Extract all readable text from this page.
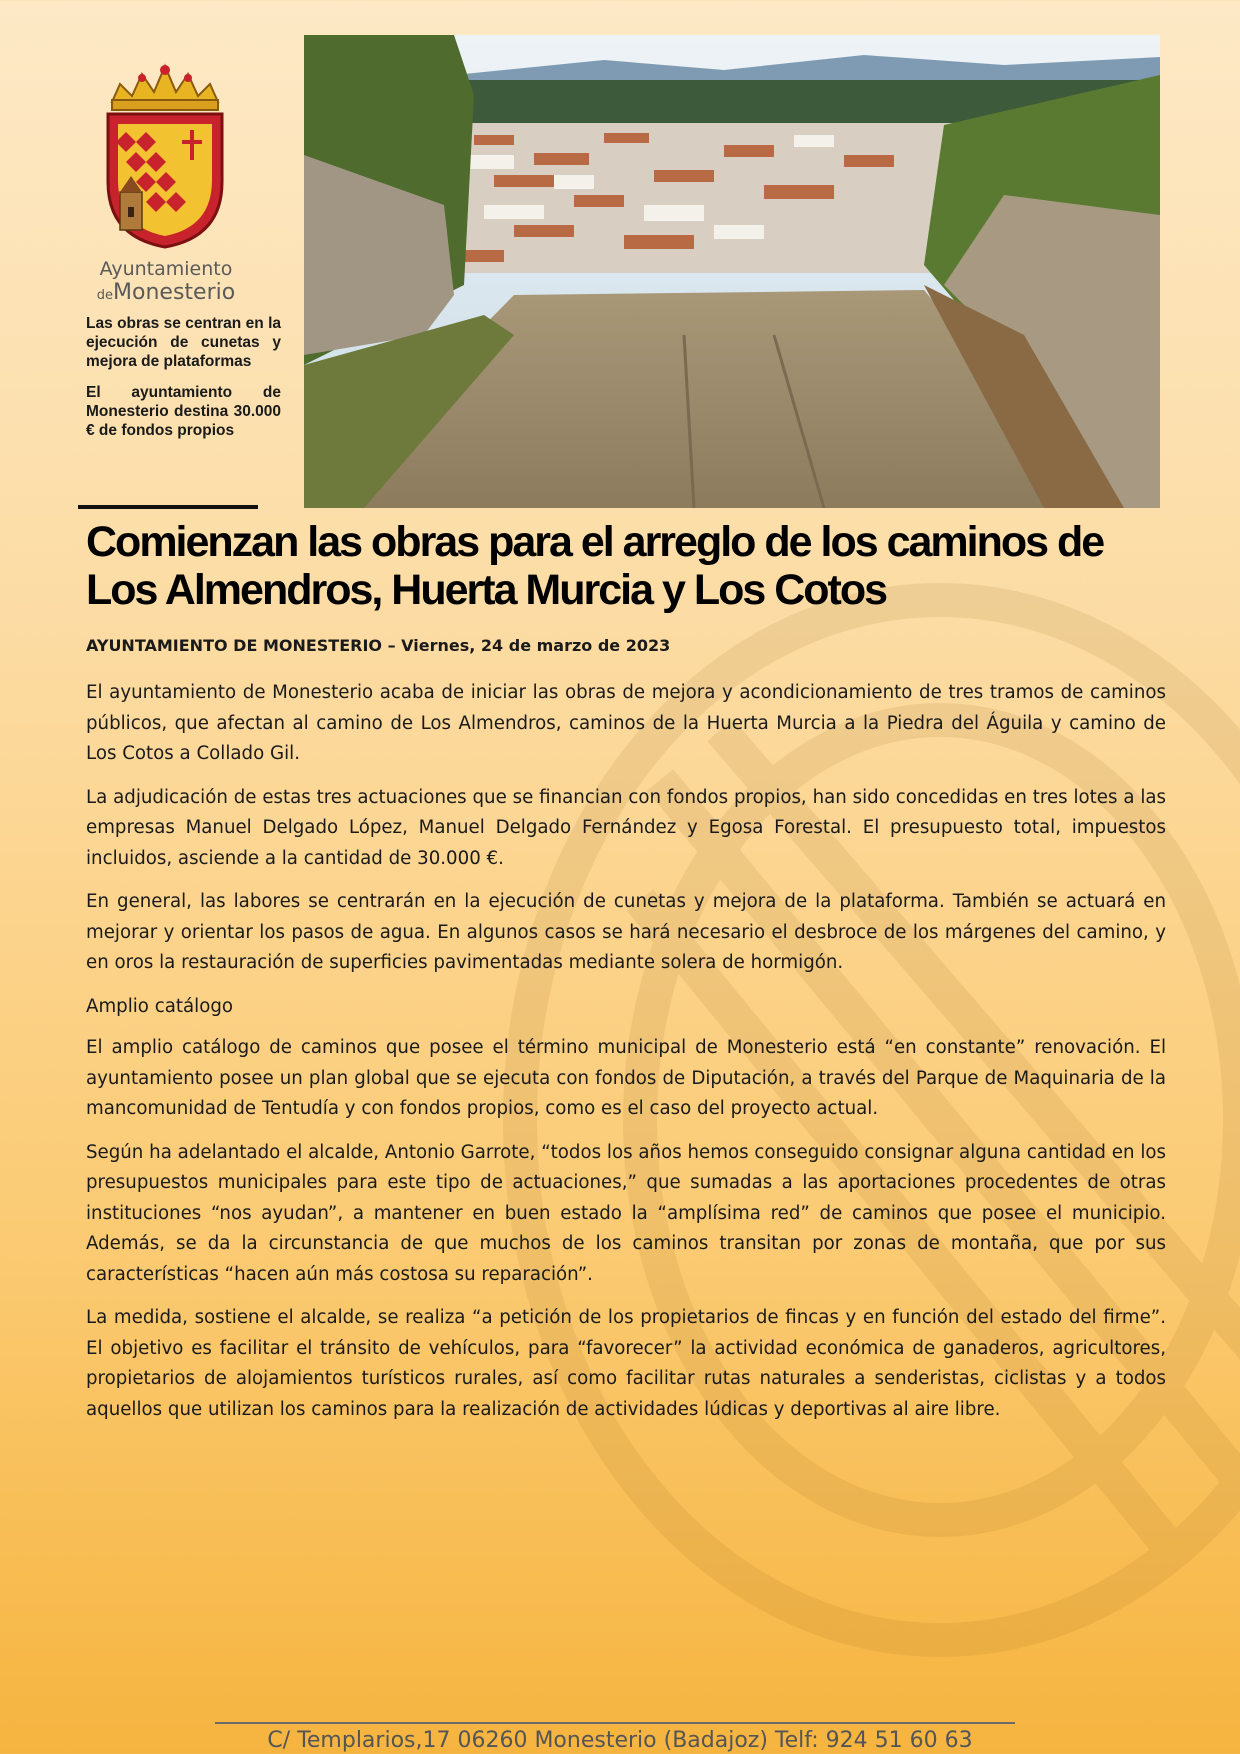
Ayuntamiento
deMonesterio

Las obras se centran en la ejecución de cunetas y mejora de plataformas

El ayuntamiento de Monesterio destina 30.000 € de fondos propios

Comienzan las obras para el arreglo de los caminos de Los Almendros, Huerta Murcia y Los Cotos
AYUNTAMIENTO DE MONESTERIO – Viernes, 24 de marzo de 2023

El ayuntamiento de Monesterio acaba de iniciar las obras de mejora y acondicionamiento de tres tramos de caminos públicos, que afectan al camino de Los Almendros, caminos de la Huerta Murcia a la Piedra del Águila y camino de Los Cotos a Collado Gil.

La adjudicación de estas tres actuaciones que se financian con fondos propios, han sido concedidas en tres lotes a las empresas Manuel Delgado López, Manuel Delgado Fernández y Egosa Forestal. El presupuesto total, impuestos incluidos, asciende a la cantidad de 30.000 €.

En general, las labores se centrarán en la ejecución de cunetas y mejora de la plataforma. También se actuará en mejorar y orientar los pasos de agua. En algunos casos se hará necesario el desbroce de los márgenes del camino, y en oros la restauración de superficies pavimentadas mediante solera de hormigón.

Amplio catálogo

El amplio catálogo de caminos que posee el término municipal de Monesterio está “en constante” renovación. El ayuntamiento posee un plan global que se ejecuta con fondos de Diputación, a través del Parque de Maquinaria de la mancomunidad de Tentudía y con fondos propios, como es el caso del proyecto actual.

Según ha adelantado el alcalde, Antonio Garrote, “todos los años hemos conseguido consignar alguna cantidad en los presupuestos municipales para este tipo de actuaciones,” que sumadas a las aportaciones procedentes de otras instituciones “nos ayudan”, a mantener en buen estado la “amplísima red” de caminos que posee el municipio. Además, se da la circunstancia de que muchos de los caminos transitan por zonas de montaña, que por sus características “hacen aún más costosa su reparación”.

La medida, sostiene el alcalde, se realiza “a petición de los propietarios de fincas y en función del estado del firme”. El objetivo es facilitar el tránsito de vehículos, para “favorecer” la actividad económica de ganaderos, agricultores, propietarios de alojamientos turísticos rurales, así como facilitar rutas naturales a senderistas, ciclistas y a todos aquellos que utilizan los caminos para la realización de actividades lúdicas y deportivas al aire libre.

C/ Templarios,17 06260 Monesterio (Badajoz) Telf: 924 51 60 63
